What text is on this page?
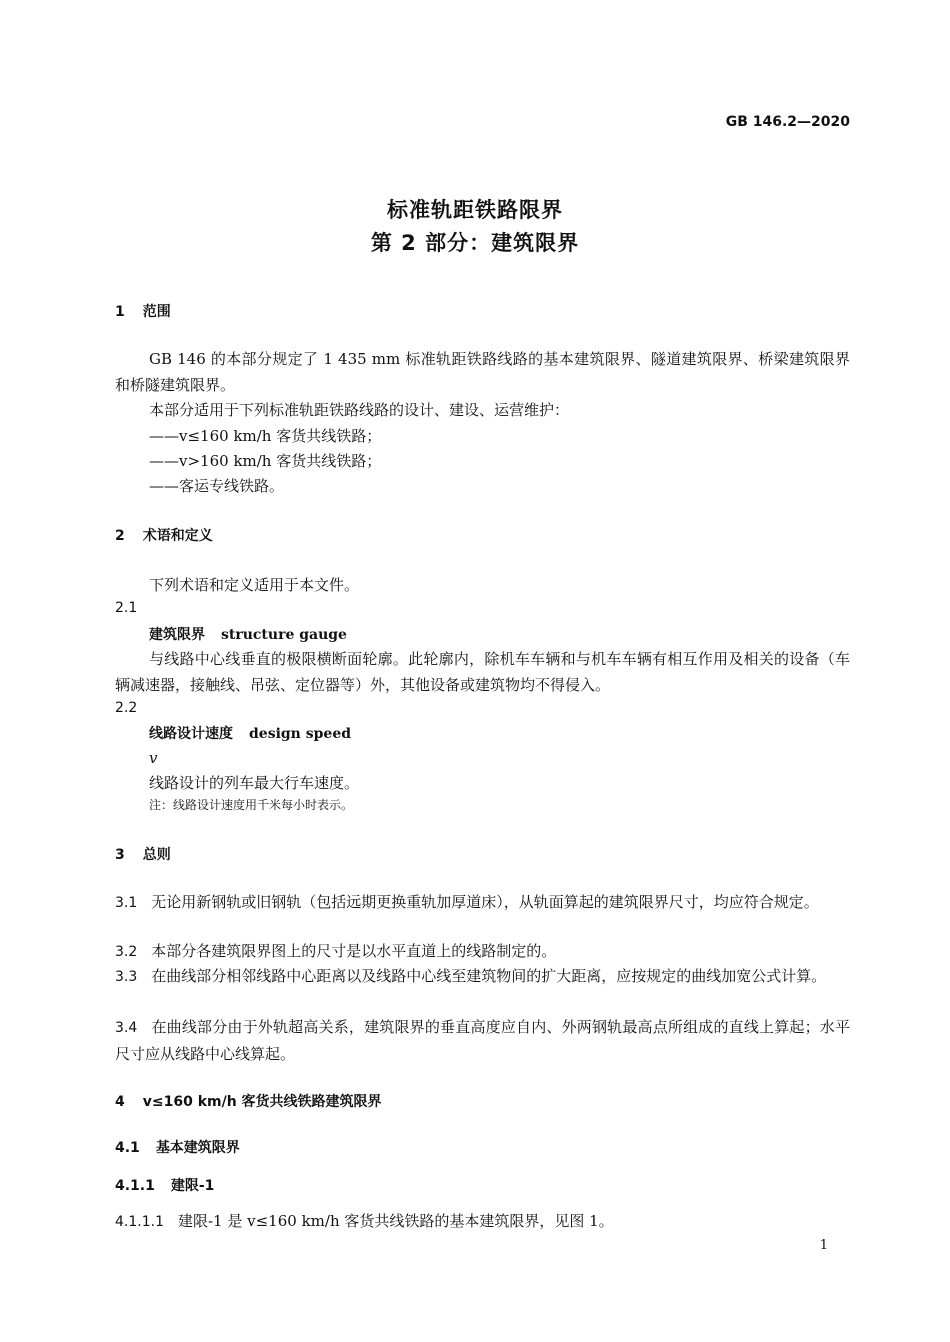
GB 146.2—2020
标准轨距铁路限界
第 2 部分：建筑限界
1 范围
GB 146 的本部分规定了 1 435 mm 标准轨距铁路线路的基本建筑限界、隧道建筑限界、桥梁建筑限界和桥隧建筑限界。
本部分适用于下列标准轨距铁路线路的设计、建设、运营维护：
——v≤160 km/h 客货共线铁路；
——v>160 km/h 客货共线铁路；
——客运专线铁路。
2 术语和定义
下列术语和定义适用于本文件。
2.1
建筑限界 structure gauge
与线路中心线垂直的极限横断面轮廓。此轮廓内，除机车车辆和与机车车辆有相互作用及相关的设备（车辆减速器，接触线、吊弦、定位器等）外，其他设备或建筑物均不得侵入。
2.2
线路设计速度 design speed
v
线路设计的列车最大行车速度。
注：线路设计速度用千米每小时表示。
3 总则
3.1 无论用新钢轨或旧钢轨（包括远期更换重轨加厚道床），从轨面算起的建筑限界尺寸，均应符合规定。
3.2 本部分各建筑限界图上的尺寸是以水平直道上的线路制定的。
3.3 在曲线部分相邻线路中心距离以及线路中心线至建筑物间的扩大距离，应按规定的曲线加宽公式计算。
3.4 在曲线部分由于外轨超高关系，建筑限界的垂直高度应自内、外两钢轨最高点所组成的直线上算起；水平尺寸应从线路中心线算起。
4 v≤160 km/h 客货共线铁路建筑限界
4.1 基本建筑限界
4.1.1 建限-1
4.1.1.1 建限-1 是 v≤160 km/h 客货共线铁路的基本建筑限界，见图 1。
1
